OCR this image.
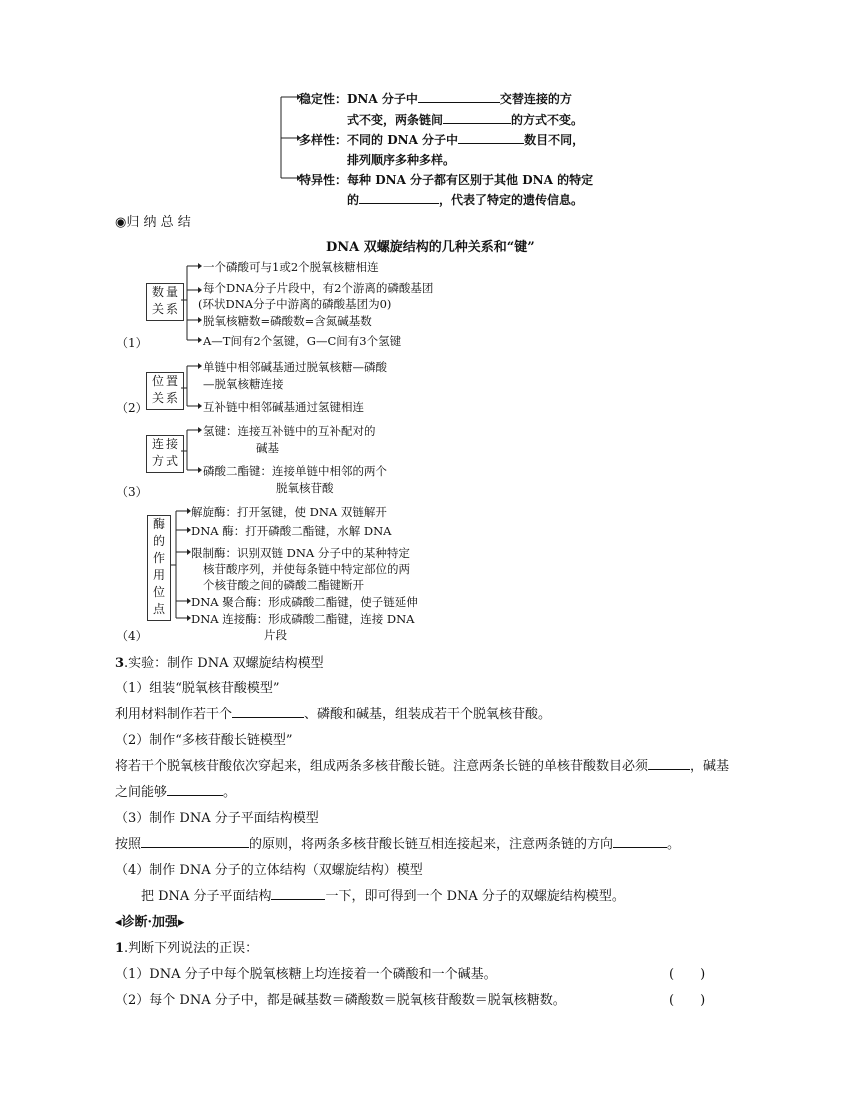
稳定性：DNA 分子中	交替连接的方
式不变，两条链间	的方式不变。
多样性：不同的 DNA 分子中	数目不同，
排列顺序多种多样。
特异性：每种 DNA 分子都有区别于其他 DNA 的特定
的	，代表了特定的遗传信息。
◉归 纳 总 结
DNA 双螺旋结构的几种关系和“键”
数量
关系
（1）
一个磷酸可与1或2个脱氧核糖相连
每个DNA分子片段中，有2个游离的磷酸基团
(环状DNA分子中游离的磷酸基团为0)
脱氧核糖数=磷酸数=含氮碱基数
A—T间有2个氢键，G—C间有3个氢键
位置
关系
（2）
单链中相邻碱基通过脱氧核糖—磷酸
—脱氧核糖连接
互补链中相邻碱基通过氢键相连
连接
方式
（3）
氢键：连接互补链中的互补配对的
碱基
磷酸二酯键：连接单链中相邻的两个
脱氧核苷酸
酶
的
作
用
位
点
（4）
解旋酶：打开氢键，使 DNA 双链解开
DNA 酶：打开磷酸二酯键，水解 DNA
限制酶：识别双链 DNA 分子中的某种特定
核苷酸序列，并使每条链中特定部位的两
个核苷酸之间的磷酸二酯键断开
DNA 聚合酶：形成磷酸二酯键，使子链延伸
DNA 连接酶：形成磷酸二酯键，连接 DNA
片段
3.实验：制作 DNA 双螺旋结构模型
（1）组装“脱氧核苷酸模型”
利用材料制作若干个	、磷酸和碱基，组装成若干个脱氧核苷酸。
（2）制作“多核苷酸长链模型”
将若干个脱氧核苷酸依次穿起来，组成两条多核苷酸长链。注意两条长链的单核苷酸数目必须	，碱基
之间能够	。
（3）制作 DNA 分子平面结构模型
按照	的原则，将两条多核苷酸长链互相连接起来，注意两条链的方向	。
（4）制作 DNA 分子的立体结构（双螺旋结构）模型
把 DNA 分子平面结构	一下，即可得到一个 DNA 分子的双螺旋结构模型。
◂诊断·加强▸
1.判断下列说法的正误：
（1）DNA 分子中每个脱氧核糖上均连接着一个磷酸和一个碱基。	(　　)
（2）每个 DNA 分子中，都是碱基数＝磷酸数＝脱氧核苷酸数＝脱氧核糖数。	(　　)
